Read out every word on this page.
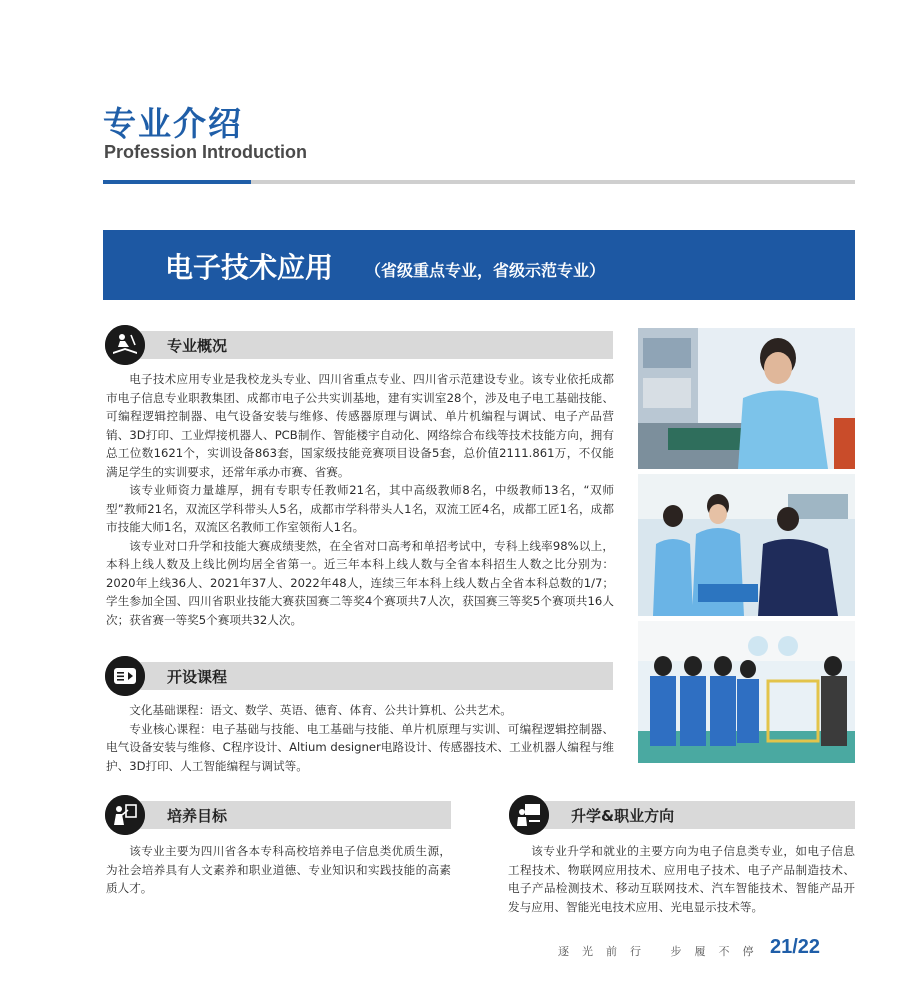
专业介绍
Profession Introduction
电子技术应用 （省级重点专业，省级示范专业）
专业概况

电子技术应用专业是我校龙头专业、四川省重点专业、四川省示范建设专业。该专业依托成都市电子信息专业职教集团、成都市电子公共实训基地，建有实训室28个，涉及电子电工基础技能、可编程逻辑控制器、电气设备安装与维修、传感器原理与调试、单片机编程与调试、电子产品营销、3D打印、工业焊接机器人、PCB制作、智能楼宇自动化、网络综合布线等技术技能方向，拥有总工位数1621个，实训设备863套，国家级技能竞赛项目设备5套，总价值2111.861万，不仅能满足学生的实训要求，还常年承办市赛、省赛。

该专业师资力量雄厚，拥有专职专任教师21名，其中高级教师8名，中级教师13名，“双师型”教师21名，双流区学科带头人5名，成都市学科带头人1名，双流工匠4名，成都工匠1名，成都市技能大师1名，双流区名教师工作室领衔人1名。

该专业对口升学和技能大赛成绩斐然，在全省对口高考和单招考试中，专科上线率98%以上，本科上线人数及上线比例均居全省第一。近三年本科上线人数与全省本科招生人数之比分别为：2020年上线36人、2021年37人、2022年48人，连续三年本科上线人数占全省本科总数的1/7；学生参加全国、四川省职业技能大赛获国赛二等奖4个赛项共7人次，获国赛三等奖5个赛项共16人次；获省赛一等奖5个赛项共32人次。

开设课程

文化基础课程：语文、数学、英语、德育、体育、公共计算机、公共艺术。

专业核心课程：电子基础与技能、电工基础与技能、单片机原理与实训、可编程逻辑控制器、电气设备安装与维修、C程序设计、Altium designer电路设计、传感器技术、工业机器人编程与维护、3D打印、人工智能编程与调试等。

培养目标

该专业主要为四川省各本专科高校培养电子信息类优质生源，为社会培养具有人文素养和职业道德、专业知识和实践技能的高素质人才。

升学&职业方向

该专业升学和就业的主要方向为电子信息类专业，如电子信息工程技术、物联网应用技术、应用电子技术、电子产品制造技术、电子产品检测技术、移动互联网技术、汽车智能技术、智能产品开发与应用、智能光电技术应用、光电显示技术等。

逐光前行 步履不停 21/22
